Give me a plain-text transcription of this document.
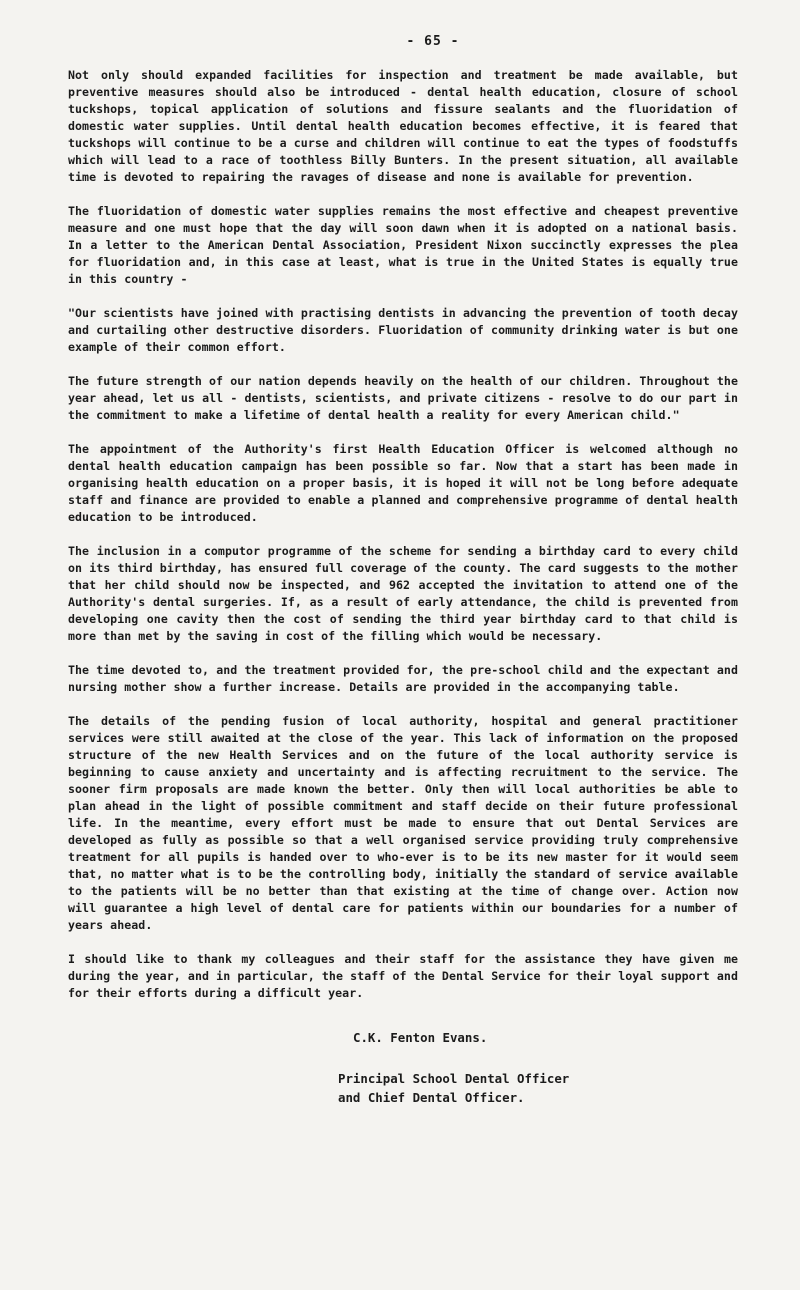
- 65 -

Not only should expanded facilities for inspection and treatment be made available, but preventive measures should also be introduced - dental health education, closure of school tuckshops, topical application of solutions and fissure sealants and the fluoridation of domestic water supplies. Until dental health education becomes effective, it is feared that tuckshops will continue to be a curse and children will continue to eat the types of foodstuffs which will lead to a race of toothless Billy Bunters. In the present situation, all available time is devoted to repairing the ravages of disease and none is available for prevention.

The fluoridation of domestic water supplies remains the most effective and cheapest preventive measure and one must hope that the day will soon dawn when it is adopted on a national basis. In a letter to the American Dental Association, President Nixon succinctly expresses the plea for fluoridation and, in this case at least, what is true in the United States is equally true in this country -

"Our scientists have joined with practising dentists in advancing the prevention of tooth decay and curtailing other destructive disorders. Fluoridation of community drinking water is but one example of their common effort.

The future strength of our nation depends heavily on the health of our children. Throughout the year ahead, let us all - dentists, scientists, and private citizens - resolve to do our part in the commitment to make a lifetime of dental health a reality for every American child."

The appointment of the Authority's first Health Education Officer is welcomed although no dental health education campaign has been possible so far. Now that a start has been made in organising health education on a proper basis, it is hoped it will not be long before adequate staff and finance are provided to enable a planned and comprehensive programme of dental health education to be introduced.

The inclusion in a computor programme of the scheme for sending a birthday card to every child on its third birthday, has ensured full coverage of the county. The card suggests to the mother that her child should now be inspected, and 962 accepted the invitation to attend one of the Authority's dental surgeries. If, as a result of early attendance, the child is prevented from developing one cavity then the cost of sending the third year birthday card to that child is more than met by the saving in cost of the filling which would be necessary.

The time devoted to, and the treatment provided for, the pre-school child and the expectant and nursing mother show a further increase. Details are provided in the accompanying table.

The details of the pending fusion of local authority, hospital and general practitioner services were still awaited at the close of the year. This lack of information on the proposed structure of the new Health Services and on the future of the local authority service is beginning to cause anxiety and uncertainty and is affecting recruitment to the service. The sooner firm proposals are made known the better. Only then will local authorities be able to plan ahead in the light of possible commitment and staff decide on their future professional life. In the meantime, every effort must be made to ensure that out Dental Services are developed as fully as possible so that a well organised service providing truly comprehensive treatment for all pupils is handed over to who-ever is to be its new master for it would seem that, no matter what is to be the controlling body, initially the standard of service available to the patients will be no better than that existing at the time of change over. Action now will guarantee a high level of dental care for patients within our boundaries for a number of years ahead.

I should like to thank my colleagues and their staff for the assistance they have given me during the year, and in particular, the staff of the Dental Service for their loyal support and for their efforts during a difficult year.

C.K. Fenton Evans.
Principal School Dental Officer
and Chief Dental Officer.
